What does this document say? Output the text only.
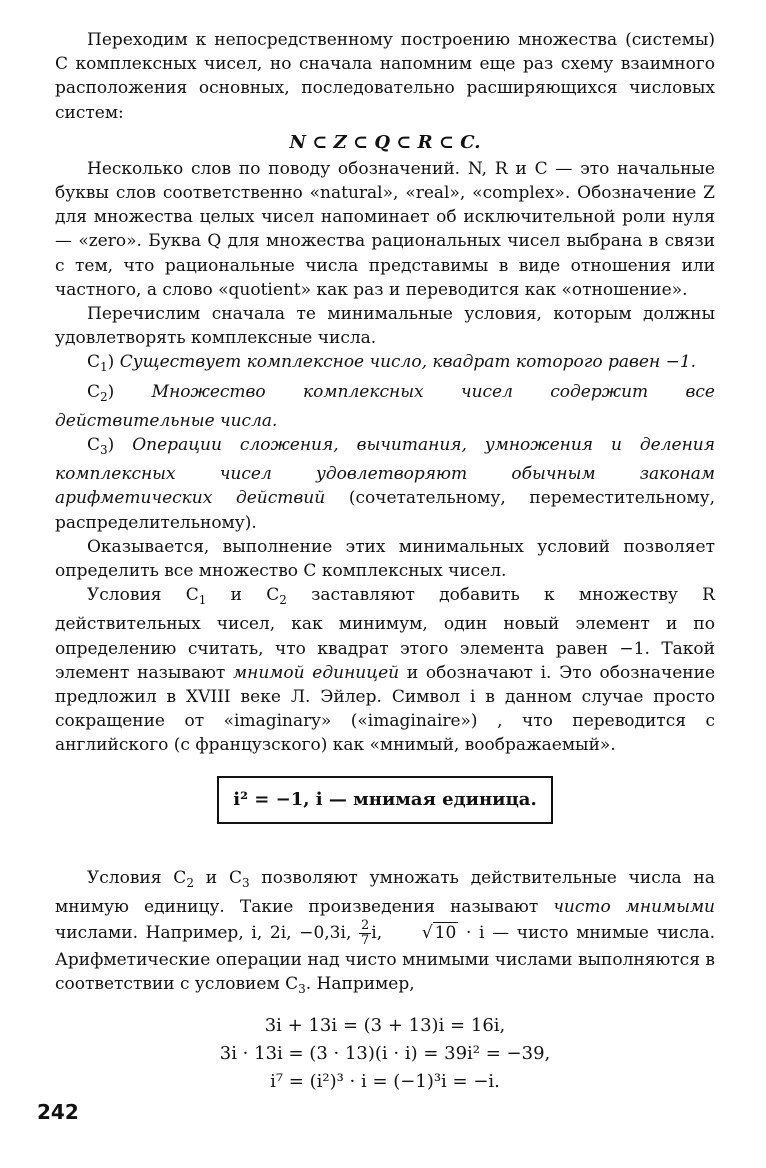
Переходим к непосредственному построению множества (системы) C комплексных чисел, но сначала напомним еще раз схему взаимного расположения основных, последовательно расширяющихся числовых систем:

N ⊂ Z ⊂ Q ⊂ R ⊂ C.

Несколько слов по поводу обозначений. N, R и C — это начальные буквы слов соответственно «natural», «real», «complex». Обозначение Z для множества целых чисел напоминает об исключительной роли нуля — «zero». Буква Q для множества рациональных чисел выбрана в связи с тем, что рациональные числа представимы в виде отношения или частного, а слово «quotient» как раз и переводится как «отношение».

Перечислим сначала те минимальные условия, которым должны удовлетворять комплексные числа.

$C_1$) Существует комплексное число, квадрат которого равен −1.

$C_2$) Множество комплексных чисел содержит все действительные числа.

$C_3$) Операции сложения, вычитания, умножения и деления комплексных чисел удовлетворяют обычным законам арифметических действий (сочетательному, переместительному, распределительному).

Оказывается, выполнение этих минимальных условий позволяет определить все множество C комплексных чисел.

Условия $C_1$ и $C_2$ заставляют добавить к множеству R действительных чисел, как минимум, один новый элемент и по определению считать, что квадрат этого элемента равен −1. Такой элемент называют мнимой единицей и обозначают i. Это обозначение предложил в XVIII веке Л. Эйлер. Символ i в данном случае просто сокращение от «imaginary» («imaginaire») , что переводится с английского (с французского) как «мнимый, воображаемый».

i² = −1, i — мнимая единица.

Условия $C_2$ и $C_3$ позволяют умножать действительные числа на мнимую единицу. Такие произведения называют чисто мнимыми числами. Например, i, 2i, −0,3i, $\frac{2}{7} i$, √ 10 · i — чисто мнимые числа. Арифметические операции над чисто мнимыми числами выполняются в соответствии с условием $C_3$. Например,

3i + 13i = (3 + 13)i = 16i,
3i · 13i = (3 · 13)(i · i) = 39i² = −39,
i⁷ = (i²)³ · i = (−1)³i = −i.
242
